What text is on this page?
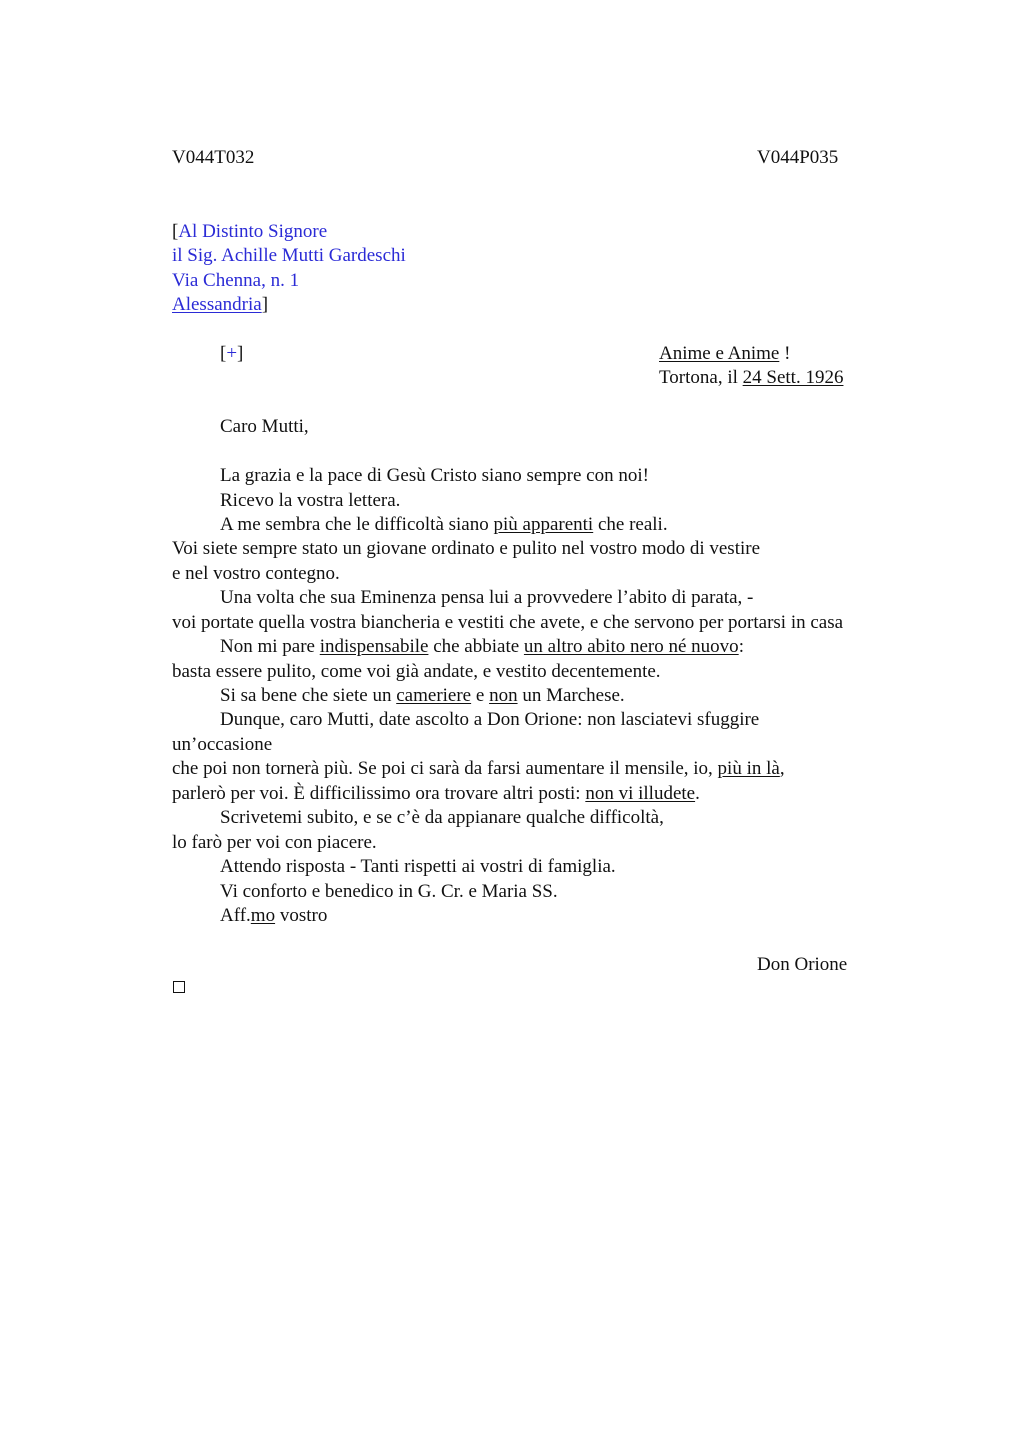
V044T032	V044P035
[Al Distinto Signore
il Sig. Achille Mutti Gardeschi
Via Chenna, n. 1
Alessandria]
[+]	Anime e Anime !
Tortona, il 24 Sett. 1926
Caro Mutti,
La grazia e la pace di Gesù Cristo siano sempre con noi!
Ricevo la vostra lettera.
A me sembra che le difficoltà siano più apparenti che reali.
Voi siete sempre stato un giovane ordinato e pulito nel vostro modo di vestire
e nel vostro contegno.
Una volta che sua Eminenza pensa lui a provvedere l’abito di parata, -
voi portate quella vostra biancheria e vestiti che avete, e che servono per portarsi in casa
Non mi pare indispensabile che abbiate un altro abito nero né nuovo:
basta essere pulito, come voi già andate, e vestito decentemente.
Si sa bene che siete un cameriere e non un Marchese.
Dunque, caro Mutti, date ascolto a Don Orione: non lasciatevi sfuggire
un’occasione
che poi non tornerà più. Se poi ci sarà da farsi aumentare il mensile, io, più in là,
parlerò per voi. È difficilissimo ora trovare altri posti: non vi illudete.
Scrivetemi subito, e se c’è da appianare qualche difficoltà,
lo farò per voi con piacere.
Attendo risposta - Tanti rispetti ai vostri di famiglia.
Vi conforto e benedico in G. Cr. e Maria SS.
Aff.mo vostro
Don Orione
